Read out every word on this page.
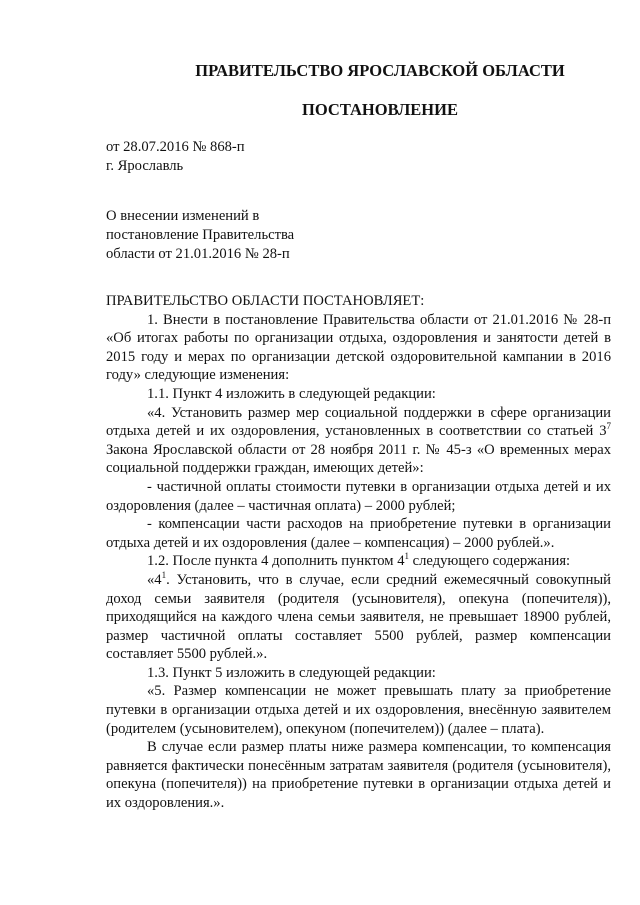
ПРАВИТЕЛЬСТВО ЯРОСЛАВСКОЙ ОБЛАСТИ
ПОСТАНОВЛЕНИЕ
от 28.07.2016 № 868-п
г. Ярославль
О внесении изменений в
постановление Правительства
области от 21.01.2016 № 28-п

ПРАВИТЕЛЬСТВО ОБЛАСТИ ПОСТАНОВЛЯЕТ:

1. Внести в постановление Правительства области от 21.01.2016 № 28-п «Об итогах работы по организации отдыха, оздоровления и занятости детей в 2015 году и мерах по организации детской оздоровительной кампании в 2016 году» следующие изменения:

1.1. Пункт 4 изложить в следующей редакции:

«4. Установить размер мер социальной поддержки в сфере организации отдыха детей и их оздоровления, установленных в соответствии со статьей $3^7$ Закона Ярославской области от 28 ноября 2011 г. № 45-з «О временных мерах социальной поддержки граждан, имеющих детей»:

- частичной оплаты стоимости путевки в организации отдыха детей и их оздоровления (далее – частичная оплата) – 2000 рублей;

- компенсации части расходов на приобретение путевки в организации отдыха детей и их оздоровления (далее – компенсация) – 2000 рублей.».

1.2. После пункта 4 дополнить пунктом $4^1$ следующего содержания:

«$4^1$. Установить, что в случае, если средний ежемесячный совокупный доход семьи заявителя (родителя (усыновителя), опекуна (попечителя)), приходящийся на каждого члена семьи заявителя, не превышает 18900 рублей, размер частичной оплаты составляет 5500 рублей, размер компенсации составляет 5500 рублей.».

1.3. Пункт 5 изложить в следующей редакции:

«5. Размер компенсации не может превышать плату за приобретение путевки в организации отдыха детей и их оздоровления, внесённую заявителем (родителем (усыновителем), опекуном (попечителем)) (далее – плата).

В случае если размер платы ниже размера компенсации, то компенсация равняется фактически понесённым затратам заявителя (родителя (усыновителя), опекуна (попечителя)) на приобретение путевки в организации отдыха детей и их оздоровления.».
